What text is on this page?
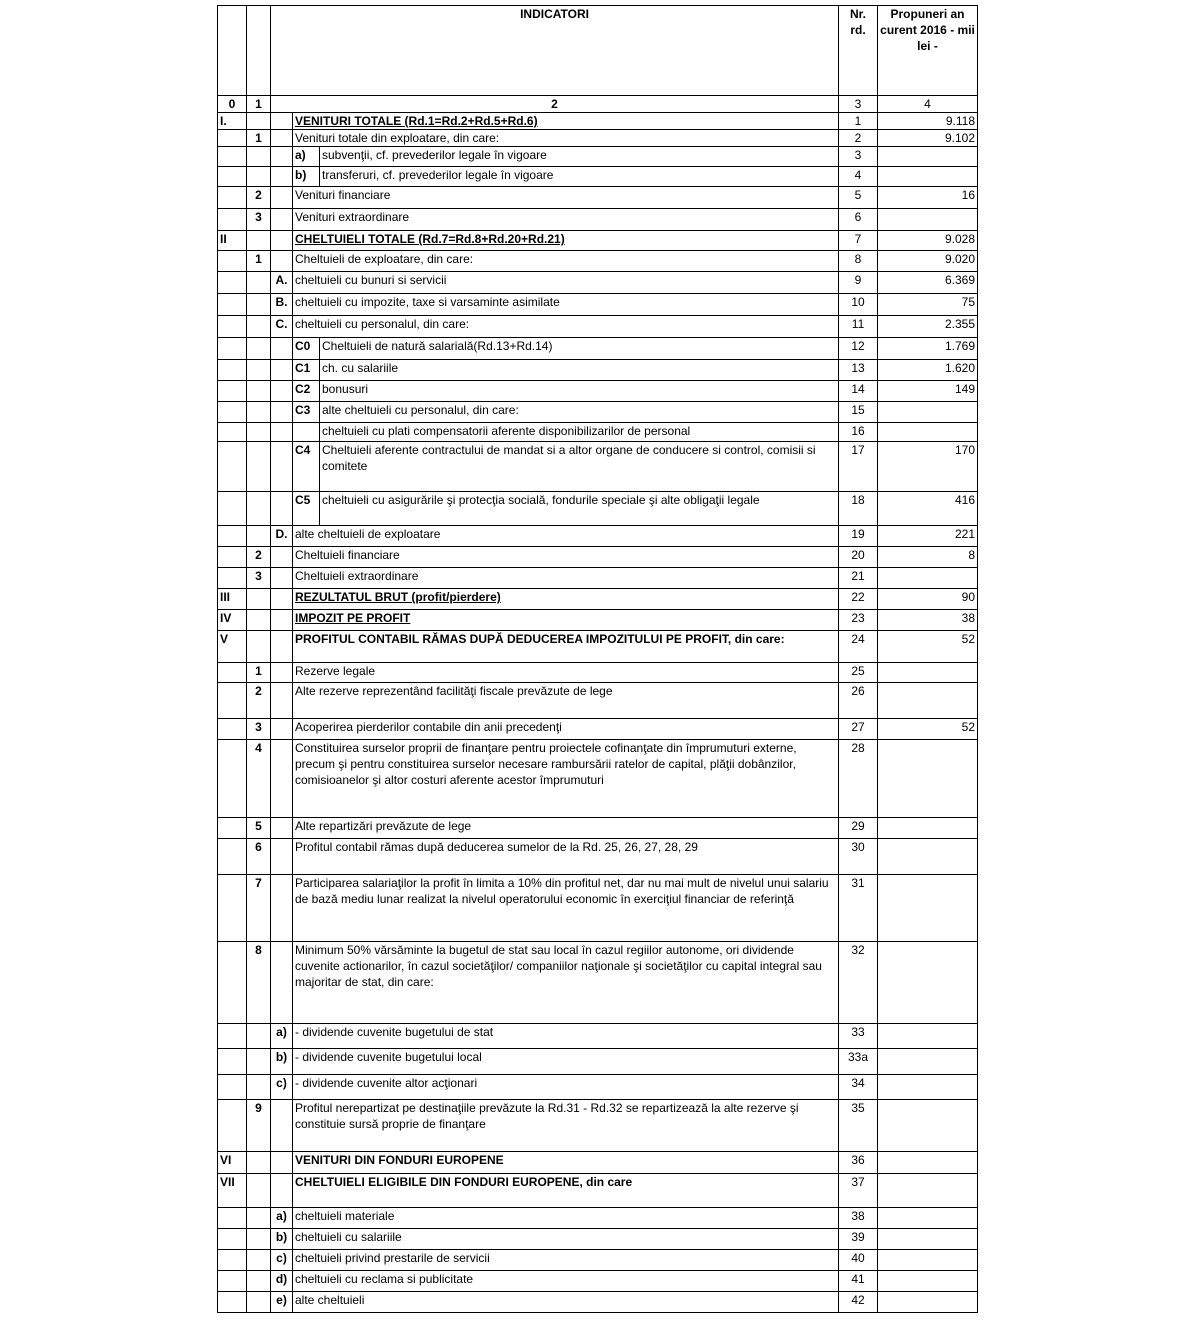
		INDICATORI			Nr. rd.	Propuneri an curent 2016 - mii lei -
0	1	2			3	4
I.			VENITURI TOTALE (Rd.1=Rd.2+Rd.5+Rd.6)		1	9.118
	1		Venituri totale din exploatare, din care:		2	9.102
			a)	subvenţii, cf. prevederilor legale în vigoare	3	
			b)	transferuri, cf. prevederilor legale în vigoare	4	
	2		Venituri financiare		5	16
	3		Venituri extraordinare		6	
II			CHELTUIELI TOTALE (Rd.7=Rd.8+Rd.20+Rd.21)		7	9.028
	1		Cheltuieli de exploatare, din care:		8	9.020
		A.	cheltuieli cu bunuri si servicii		9	6.369
		B.	cheltuieli cu impozite, taxe si varsaminte asimilate		10	75
		C.	cheltuieli cu personalul, din care:		11	2.355
			C0	Cheltuieli de natură salarială(Rd.13+Rd.14)	12	1.769
			C1	ch. cu salariile	13	1.620
			C2	bonusuri	14	149
			C3	alte cheltuieli cu personalul, din care:	15	
				cheltuieli cu plati compensatorii aferente disponibilizarilor de personal	16	
			C4	Cheltuieli aferente contractului de mandat si a altor organe de conducere si control, comisii si comitete	17	170
			C5	cheltuieli cu asigurările şi protecţia socială, fondurile speciale şi alte obligaţii legale	18	416
		D.	alte cheltuieli de exploatare		19	221
	2		Cheltuieli financiare		20	8
	3		Cheltuieli extraordinare		21	
III			REZULTATUL BRUT (profit/pierdere)		22	90
IV			IMPOZIT PE PROFIT		23	38
V			PROFITUL CONTABIL RĂMAS DUPĂ DEDUCEREA IMPOZITULUI PE PROFIT, din care:		24	52
	1		Rezerve legale		25	
	2		Alte rezerve reprezentând facilităţi fiscale prevăzute de lege		26	
	3		Acoperirea pierderilor contabile din anii precedenţi		27	52
	4		Constituirea surselor proprii de finanţare pentru proiectele cofinanţate din împrumuturi externe, precum şi pentru constituirea surselor necesare rambursării ratelor de capital, plăţii dobânzilor, comisioanelor şi altor costuri aferente acestor împrumuturi		28	
	5		Alte repartizări prevăzute de lege		29	
	6		Profitul contabil rămas după deducerea sumelor de la Rd. 25, 26, 27, 28, 29		30	
	7		Participarea salariaţilor la profit în limita a 10% din profitul net, dar nu mai mult de nivelul unui salariu de bază mediu lunar realizat la nivelul operatorului economic în exerciţiul financiar de referinţă		31	
	8		Minimum 50% vărsăminte la bugetul de stat sau local în cazul regiilor autonome, ori dividende cuvenite actionarilor, în cazul societăţilor/ companiilor naţionale şi societăţilor cu capital integral sau majoritar de stat, din care:		32	
		a)	- dividende cuvenite bugetului de stat		33	
		b)	- dividende cuvenite bugetului local		33a	
		c)	- dividende cuvenite altor acţionari		34	
	9		Profitul nerepartizat pe destinaţiile prevăzute la Rd.31 - Rd.32 se repartizează la alte rezerve şi constituie sursă proprie de finanţare		35	
VI			VENITURI DIN FONDURI EUROPENE		36	
VII			CHELTUIELI ELIGIBILE DIN FONDURI EUROPENE, din care		37	
		a)	cheltuieli materiale		38	
		b)	cheltuieli cu salariile		39	
		c)	cheltuieli privind prestarile de servicii		40	
		d)	cheltuieli cu reclama si publicitate		41	
		e)	alte cheltuieli		42	
